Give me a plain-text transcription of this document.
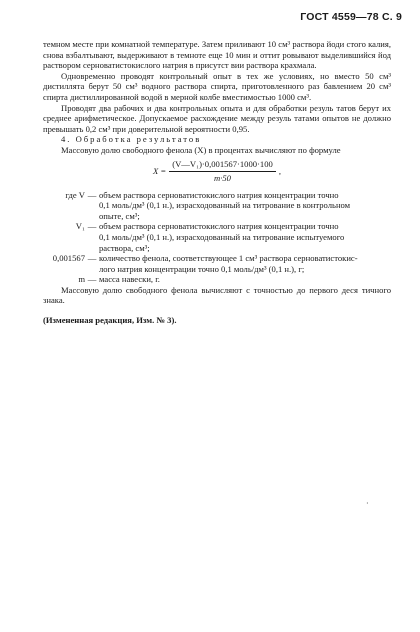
ГОСТ 4559—78 С. 9

темном месте при комнатной температуре. Затем приливают 10 см³ раствора йоди стого калия, снова взбалтывают, выдерживают в темноте еще 10 мин и оттит ровывают выделившийся йод раствором серноватистокислого натрия в присутст вии раствора крахмала.

Одновременно проводят контрольный опыт в тех же условиях, но вместо 50 см³ дистиллята берут 50 см³ водного раствора спирта, приготовленного раз бавлением 20 см³ спирта дистиллированной водой в мерной колбе вместимостью 1000 см³.

Проводят два рабочих и два контрольных опыта и для обработки резуль татов берут их среднее арифметическое. Допускаемое расхождение между резуль татами опытов не должно превышать 0,2 см³ при доверительной вероятности 0,95.

4. Обработка результатов

Массовую долю свободного фенола (X) в процентах вычисляют по формуле

$X = \frac{\text{(V—V₁)·0,001567·1000·100}}{m\cdot 50}$ ,
где V — объем раствора серноватистокислого натрия концентрации точно
0,1 моль/дм³ (0,1 н.), израсходованный на титрование в контрольном
опыте, см³;
V₁ — объем раствора серноватистокислого натрия концентрации точно
0,1 моль/дм³ (0,1 н.), израсходованный на титрование испытуемого
раствора, см³;
0,001567 — количество фенола, соответствующее 1 см³ раствора серноватистокис-
лого натрия концентрации точно 0,1 моль/дм³ (0,1 н.), г;
m — масса навески, г.

Массовую долю свободного фенола вычисляют с точностью до первого деся тичного знака.

(Измененная редакция, Изм. № 3).

·
